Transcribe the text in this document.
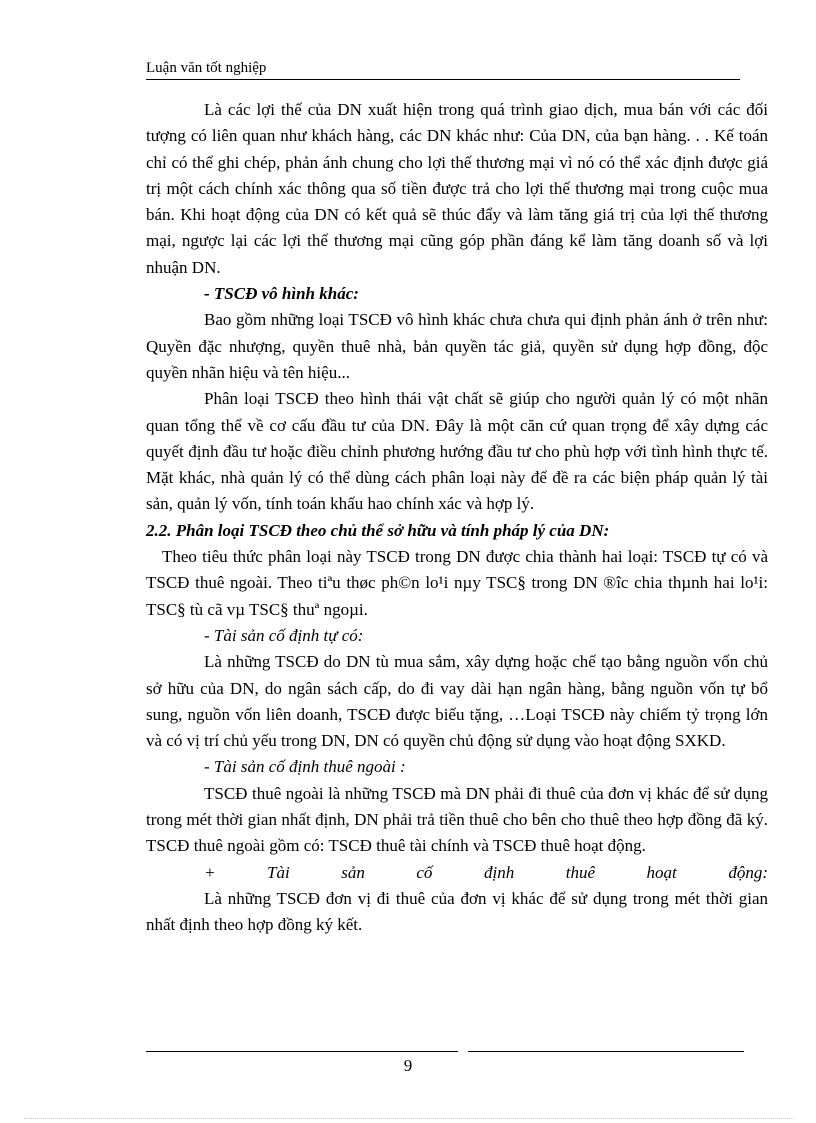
Luận văn tốt nghiệp

Là các lợi thế của DN xuất hiện trong quá trình giao dịch, mua bán với các đối tượng có liên quan như khách hàng, các DN khác như: Của DN, của bạn hàng. . . Kế toán chỉ có thể ghi chép, phản ánh chung cho lợi thế thương mại vì nó có thể xác định được giá trị một cách chính xác thông qua số tiền được trả cho lợi thế thương mại trong cuộc mua bán. Khi hoạt động của DN có kết quả sẽ thúc đẩy và làm tăng giá trị của lợi thế thương mại, ngược lại các lợi thế thương mại cũng góp phần đáng kể làm tăng doanh số và lợi nhuận DN.

- TSCĐ vô hình khác:

Bao gồm những loại TSCĐ vô hình khác chưa chưa qui định phản ánh ở trên như: Quyền đặc nhượng, quyền thuê nhà, bản quyền tác giả, quyền sử dụng hợp đồng, độc quyền nhãn hiệu và tên hiệu...

Phân loại TSCĐ theo hình thái vật chất sẽ giúp cho người quản lý có một nhãn quan tổng thể về cơ cấu đầu tư của DN. Đây là một căn cứ quan trọng để xây dựng các quyết định đầu tư hoặc điều chỉnh phương hướng đầu tư cho phù hợp với tình hình thực tế. Mặt khác, nhà quản lý có thể dùng cách phân loại này để đề ra các biện pháp quản lý tài sản, quản lý vốn, tính toán khấu hao chính xác và hợp lý.

2.2. Phân loại TSCĐ theo chủ thể sở hữu và tính pháp lý của DN:

Theo tiêu thức phân loại này TSCĐ trong DN được chia thành hai loại: TSCĐ tự có và TSCĐ thuê ngoài. Theo tiªu thøc ph©n lo¹i nµy TSC§ trong DN ®îc chia thµnh hai lo¹i: TSC§ tù cã vµ TSC§ thuª ngoµi.

- Tài sản cố định tự có:

Là những TSCĐ do DN tù mua sắm, xây dựng hoặc chế tạo bằng nguồn vốn chủ sở hữu của DN, do ngân sách cấp, do đi vay dài hạn ngân hàng, bằng nguồn vốn tự bổ sung, nguồn vốn liên doanh, TSCĐ được biếu tặng, …Loại TSCĐ này chiếm tỷ trọng lớn và có vị trí chủ yếu trong DN, DN có quyền chủ động sử dụng vào hoạt động SXKD.

- Tài sản cố định thuê ngoài :

TSCĐ thuê ngoài là những TSCĐ mà DN phải đi thuê của đơn vị khác để sử dụng trong mét thời gian nhất định, DN phải trả tiền thuê cho bên cho thuê theo hợp đồng đã ký. TSCĐ thuê ngoài gồm có: TSCĐ thuê tài chính và TSCĐ thuê hoạt động.

+	Tài	sản	cố	định	thuê	hoạt	động:

Là những TSCĐ đơn vị đi thuê của đơn vị khác để sử dụng trong mét thời gian nhất định theo hợp đồng ký kết.

9
